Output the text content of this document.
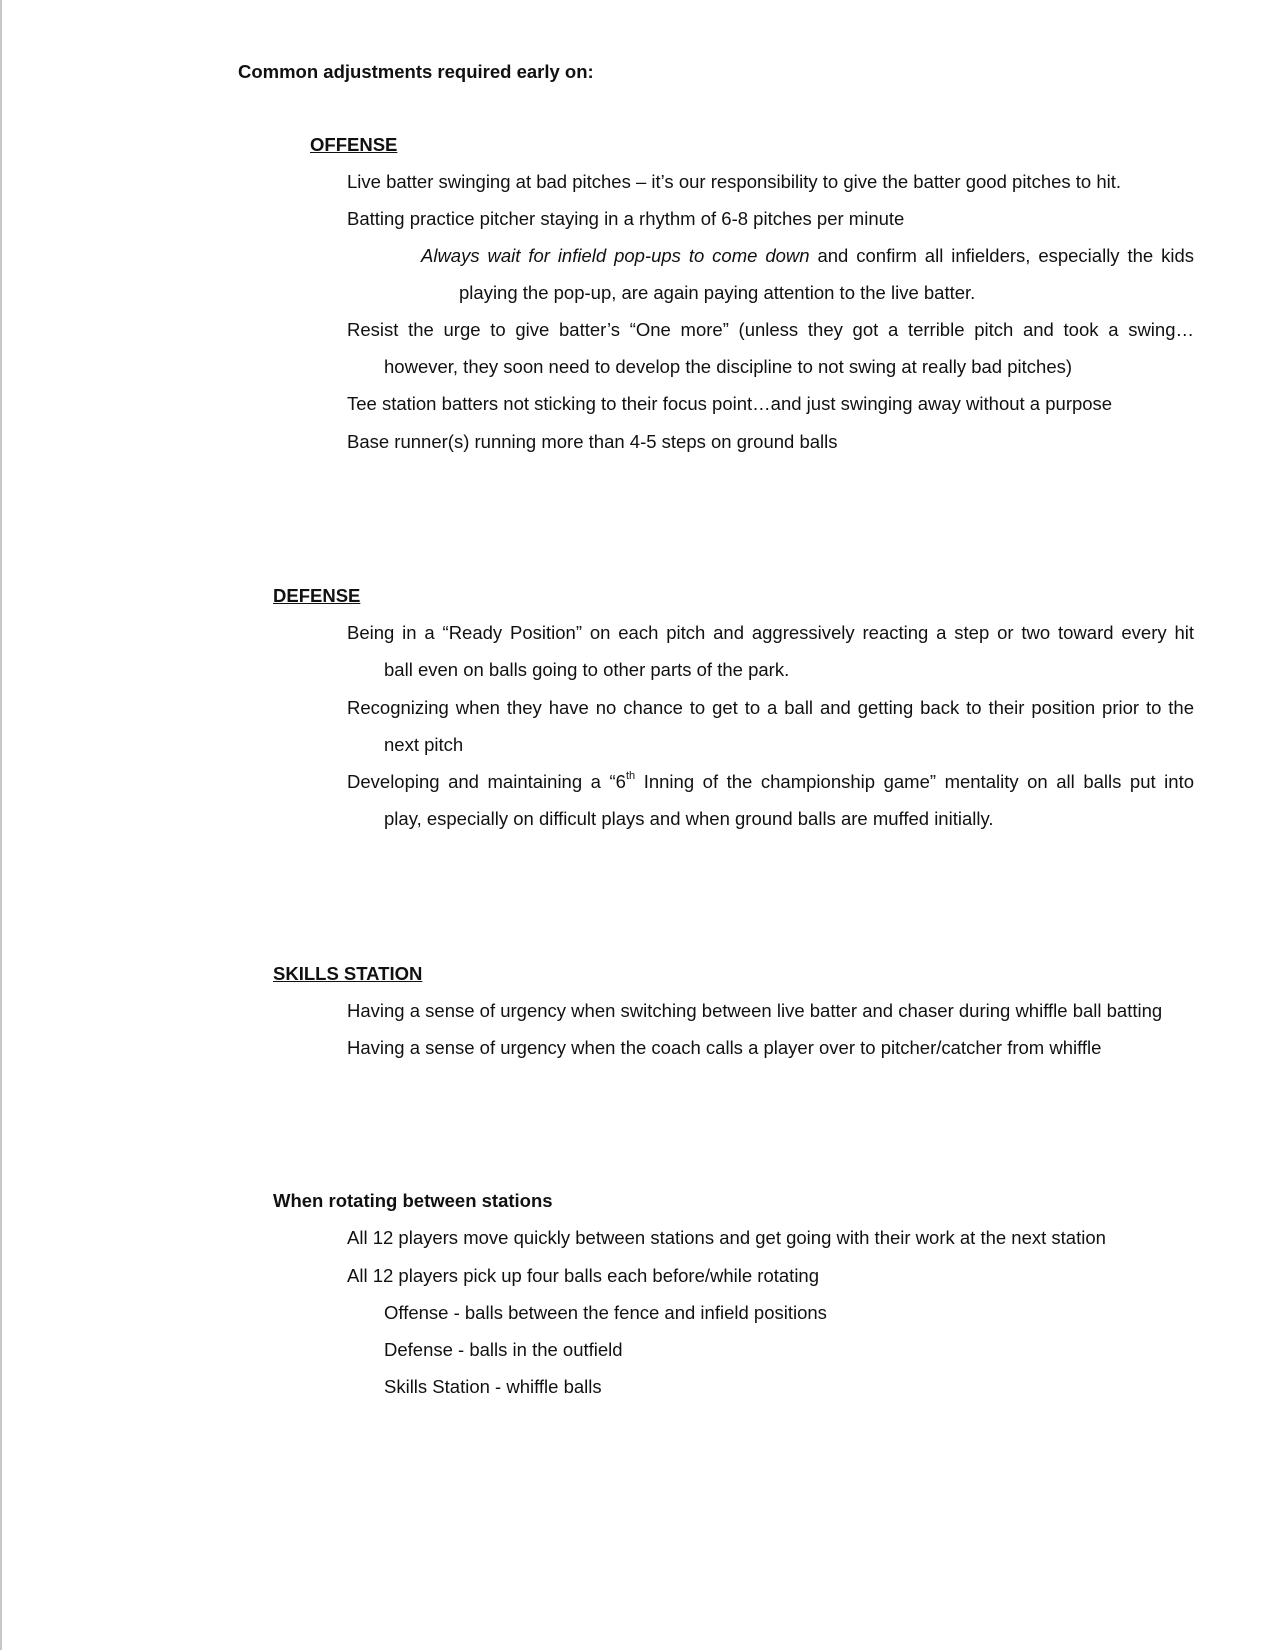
Common adjustments required early on:
OFFENSE
Live batter swinging at bad pitches – it’s our responsibility to give the batter good pitches to hit.
Batting practice pitcher staying in a rhythm of 6-8 pitches per minute
Always wait for infield pop-ups to come down and confirm all infielders, especially the kids
playing the pop-up, are again paying attention to the live batter.
Resist the urge to give batter’s “One more” (unless they got a terrible pitch and took a swing…
however, they soon need to develop the discipline to not swing at really bad pitches)
Tee station batters not sticking to their focus point…and just swinging away without a purpose
Base runner(s) running more than 4-5 steps on ground balls
DEFENSE
Being in a “Ready Position” on each pitch and aggressively reacting a step or two toward every hit
ball even on balls going to other parts of the park.
Recognizing when they have no chance to get to a ball and getting back to their position prior to the
next pitch
Developing and maintaining a “6th Inning of the championship game” mentality on all balls put into
play, especially on difficult plays and when ground balls are muffed initially.
SKILLS STATION
Having a sense of urgency when switching between live batter and chaser during whiffle ball batting
Having a sense of urgency when the coach calls a player over to pitcher/catcher from whiffle
When rotating between stations
All 12 players move quickly between stations and get going with their work at the next station
All 12 players pick up four balls each before/while rotating
Offense - balls between the fence and infield positions
Defense - balls in the outfield
Skills Station - whiffle balls
